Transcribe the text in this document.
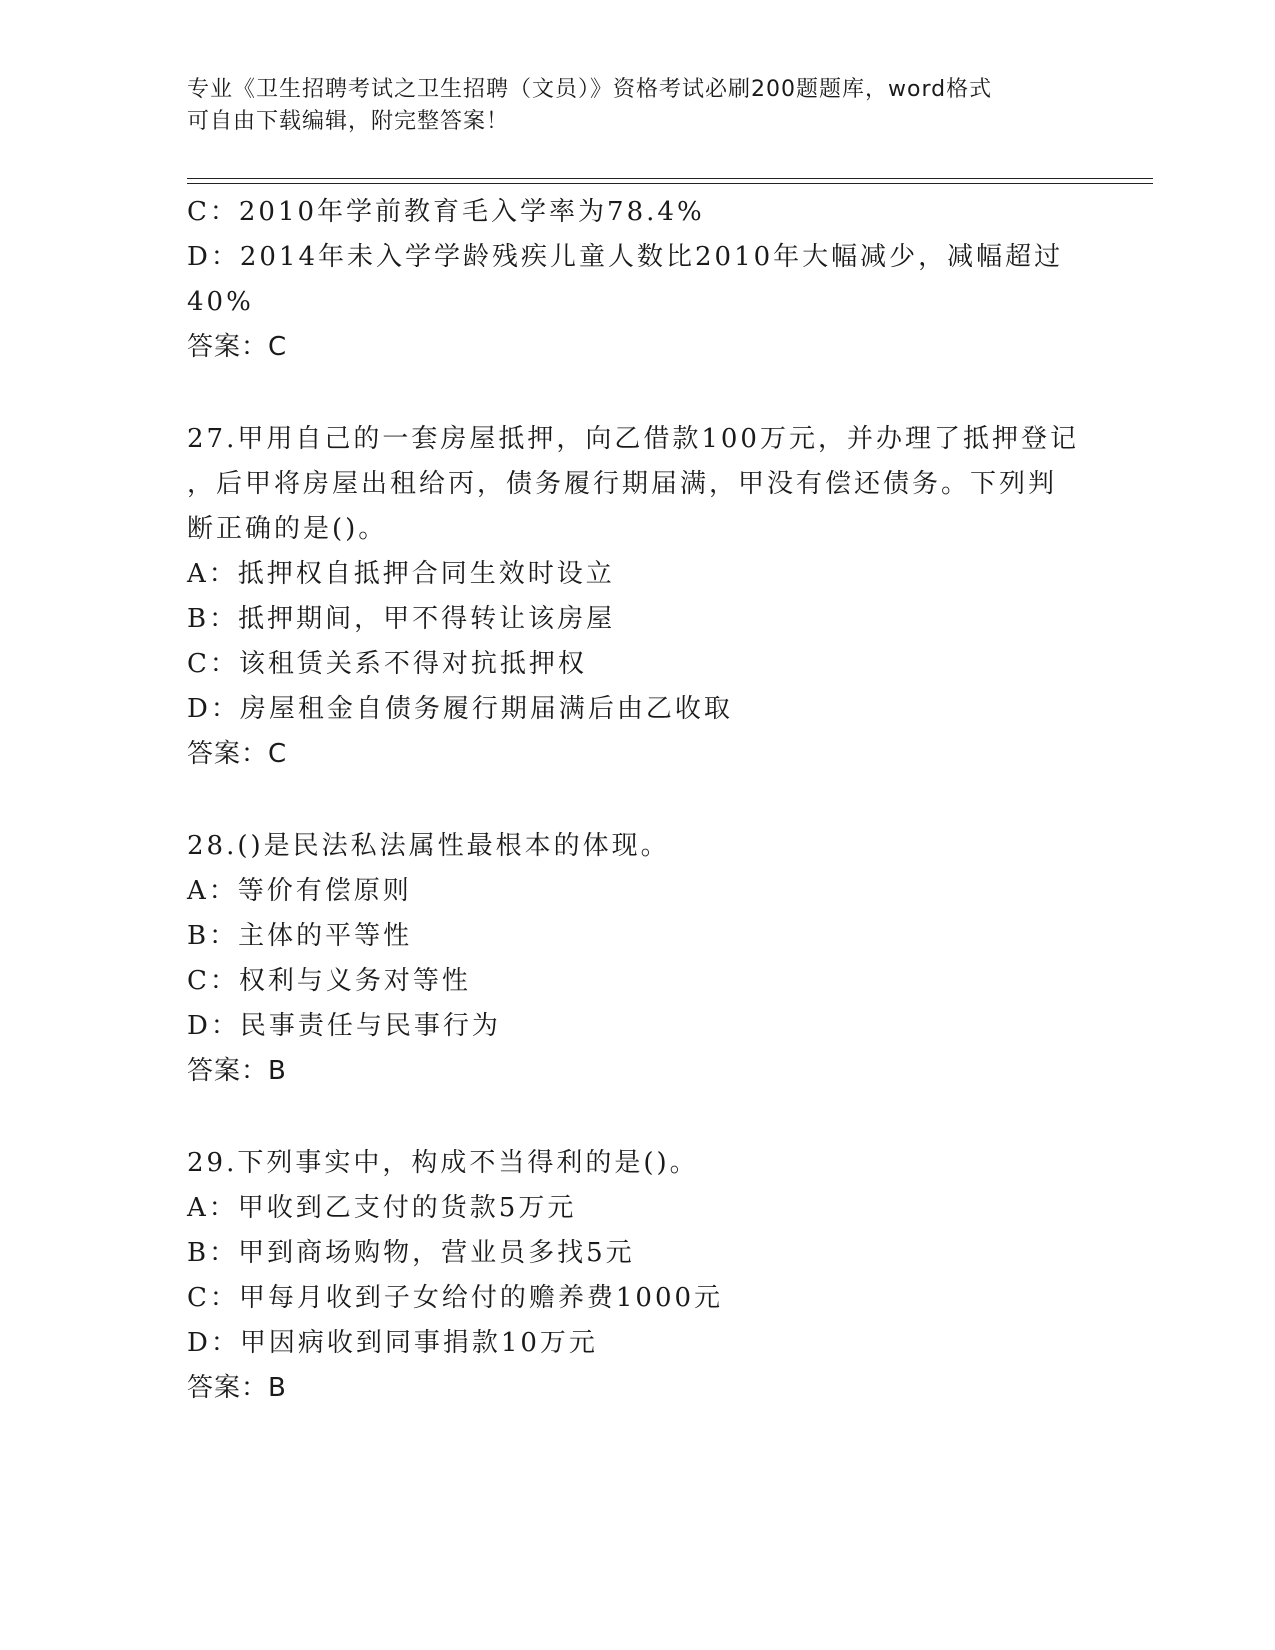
专业《卫生招聘考试之卫生招聘（文员）》资格考试必刷200题题库，word格式
可自由下载编辑，附完整答案！
C：2010年学前教育毛入学率为78.4%
D：2014年未入学学龄残疾儿童人数比2010年大幅减少，减幅超过
40%
答案：C
27.甲用自己的一套房屋抵押，向乙借款100万元，并办理了抵押登记
，后甲将房屋出租给丙，债务履行期届满，甲没有偿还债务。下列判
断正确的是()。
A：抵押权自抵押合同生效时设立
B：抵押期间，甲不得转让该房屋
C：该租赁关系不得对抗抵押权
D：房屋租金自债务履行期届满后由乙收取
答案：C
28.()是民法私法属性最根本的体现。
A：等价有偿原则
B：主体的平等性
C：权利与义务对等性
D：民事责任与民事行为
答案：B
29.下列事实中，构成不当得利的是()。
A：甲收到乙支付的货款5万元
B：甲到商场购物，营业员多找5元
C：甲每月收到子女给付的赡养费1000元
D：甲因病收到同事捐款10万元
答案：B
